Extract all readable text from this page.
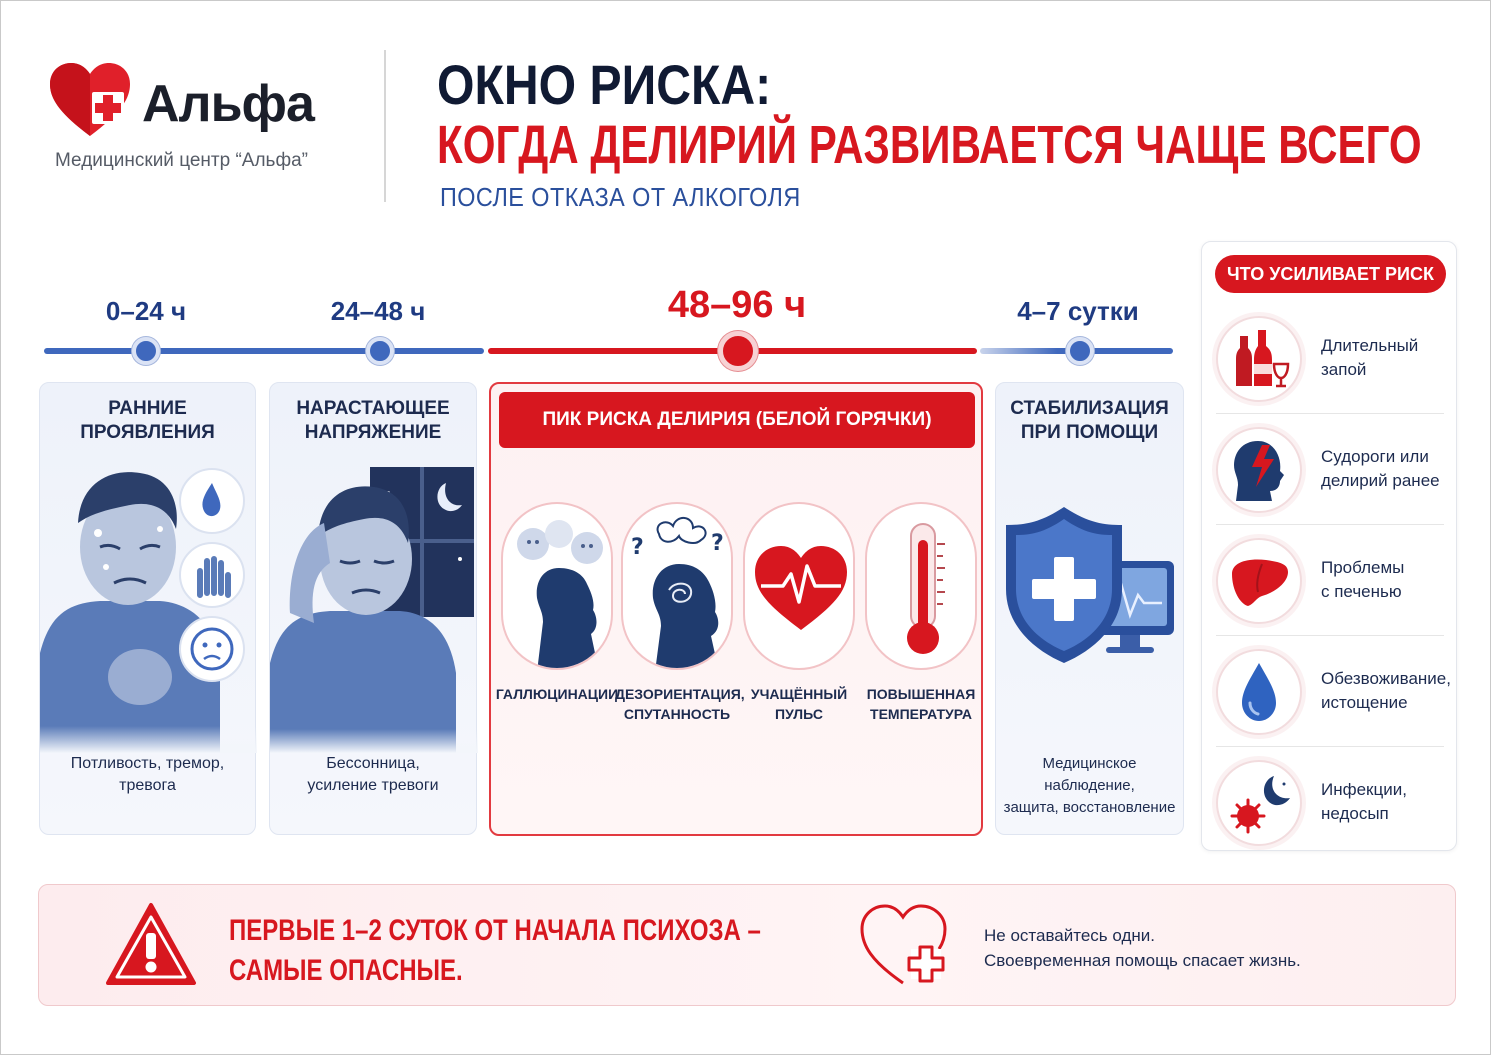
Альфа
Медицинский центр “Альфа”
ОКНО РИСКА:
КОГДА ДЕЛИРИЙ РАЗВИВАЕТСЯ ЧАЩЕ ВСЕГО
ПОСЛЕ ОТКАЗА ОТ АЛКОГОЛЯ
0–24 ч	24–48 ч	48–96 ч	4–7 сутки
РАННИЕ
ПРОЯВЛЕНИЯ
Потливость, тремор,
тревога
НАРАСТАЮЩЕЕ
НАПРЯЖЕНИЕ
Бессонница,
усиление тревоги
ПИК РИСКА ДЕЛИРИЯ (БЕЛОЙ ГОРЯЧКИ)
?	?
ГАЛЛЮЦИНАЦИИ
ДЕЗОРИЕНТАЦИЯ,
СПУТАННОСТЬ
УЧАЩЁННЫЙ
ПУЛЬС
ПОВЫШЕННАЯ
ТЕМПЕРАТУРА
СТАБИЛИЗАЦИЯ
ПРИ ПОМОЩИ
Медицинское наблюдение,
защита, восстановление
ЧТО УСИЛИВАЕТ РИСК
Длительный
запой
Судороги или
делирий ранее
Проблемы
с печенью
Обезвоживание,
истощение
Инфекции,
недосып
ПЕРВЫЕ 1–2 СУТОК ОТ НАЧАЛА ПСИХОЗА –
САМЫЕ ОПАСНЫЕ.
Не оставайтесь одни.
Своевременная помощь спасает жизнь.
